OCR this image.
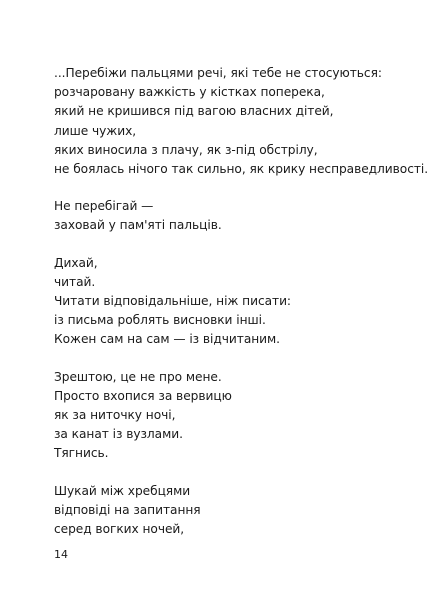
...Перебіжи пальцями речі, які тебе не стосуються:
розчаровану важкість у кістках поперека,
який не кришився під вагою власних дітей,
лише чужих,
яких виносила з плачу, як з-під обстрілу,
не боялась нічого так сильно, як крику несправедливості.
Не перебігай —
заховай у пам'яті пальців.
Дихай,
читай.
Читати відповідальніше, ніж писати:
із письма роблять висновки інші.
Кожен сам на сам — із відчитаним.
Зрештою, це не про мене.
Просто вхопися за вервицю
як за ниточку ночі,
за канат із вузлами.
Тягнись.
Шукай між хребцями
відповіді на запитання
серед вогких ночей,
14
